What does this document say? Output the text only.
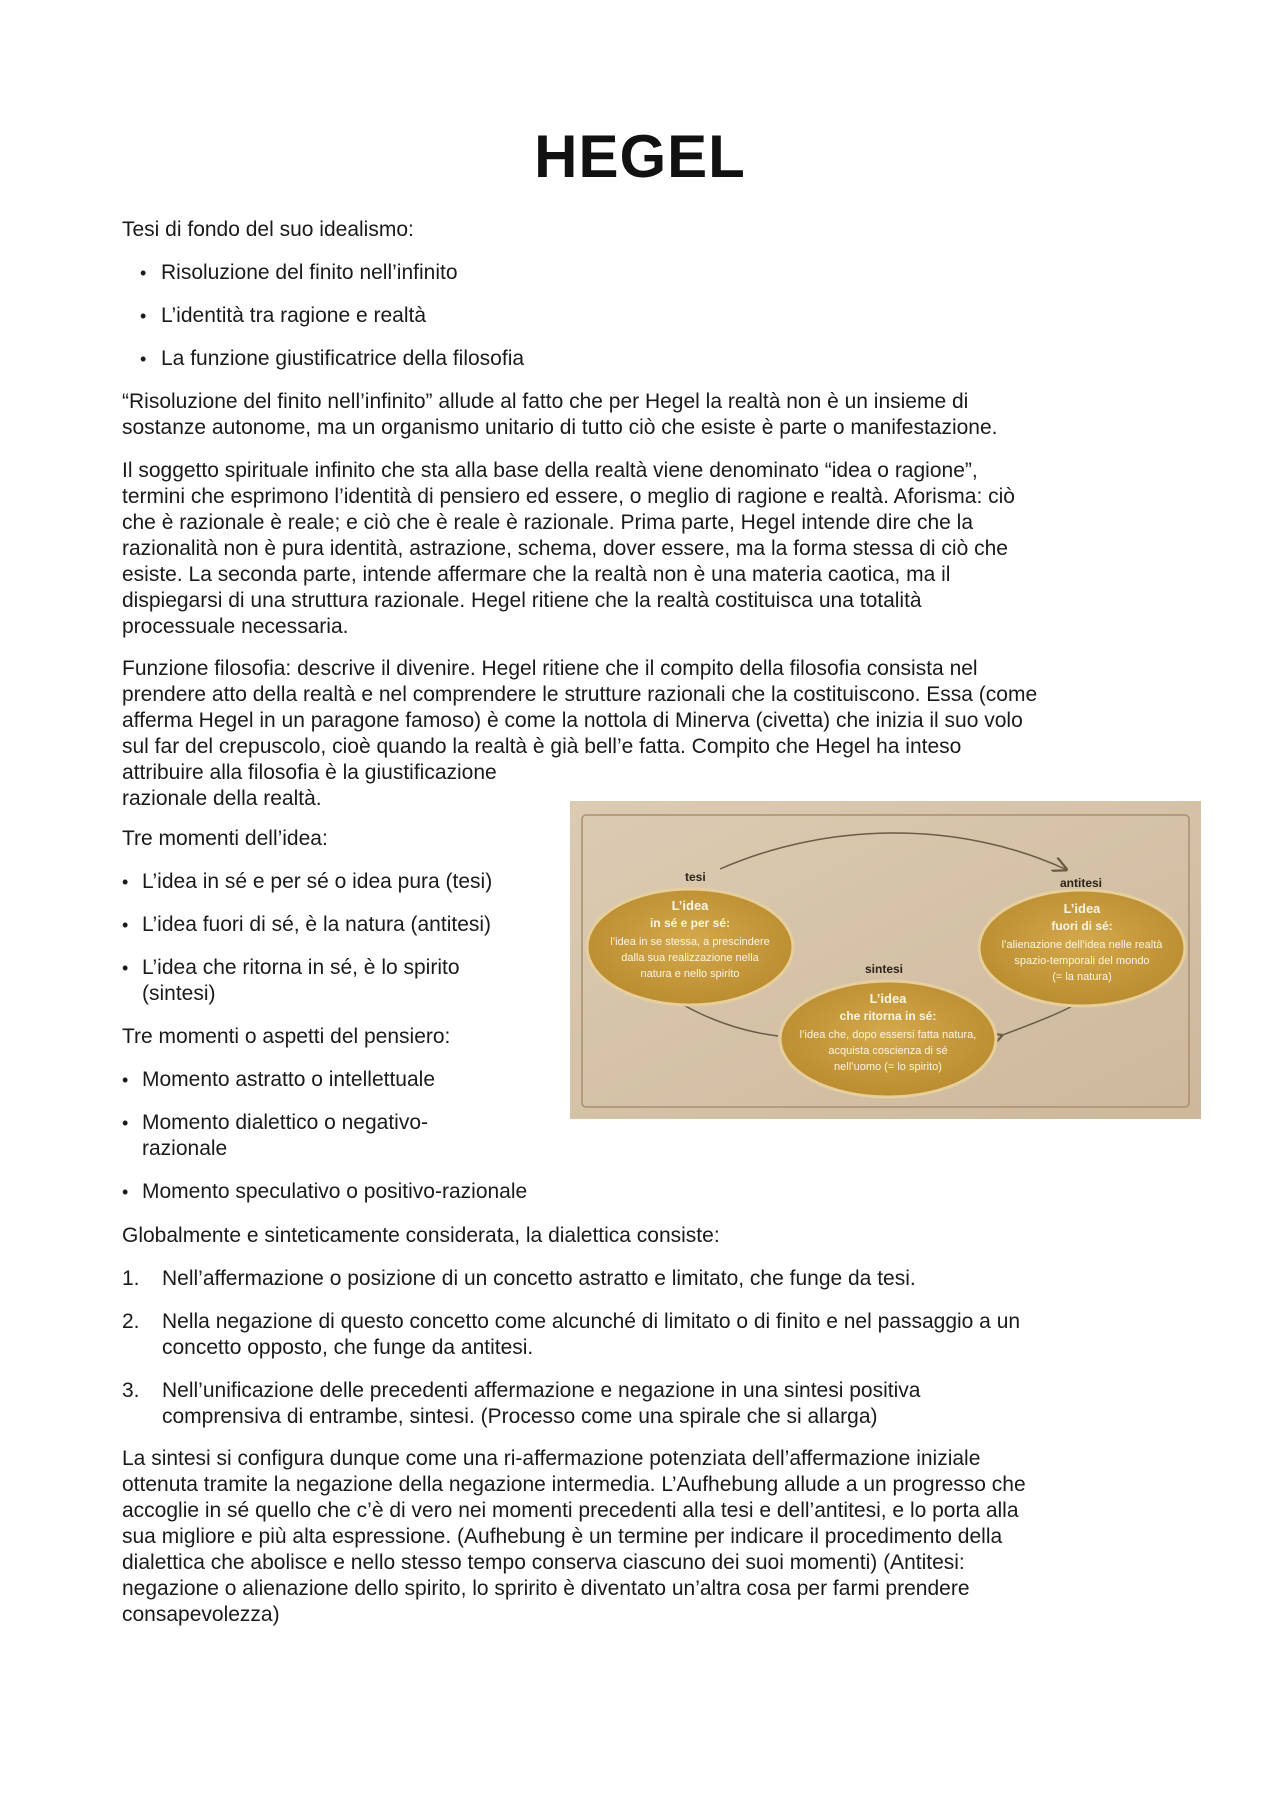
HEGEL

Tesi di fondo del suo idealismo:

• Risoluzione del finito nell’infinito
• L’identità tra ragione e realtà
• La funzione giustificatrice della filosofia

“Risoluzione del finito nell’infinito” allude al fatto che per Hegel la realtà non è un insieme di
sostanze autonome, ma un organismo unitario di tutto ciò che esiste è parte o manifestazione.

Il soggetto spirituale infinito che sta alla base della realtà viene denominato “idea o ragione”,
termini che esprimono l’identità di pensiero ed essere, o meglio di ragione e realtà. Aforisma: ciò
che è razionale è reale; e ciò che è reale è razionale. Prima parte, Hegel intende dire che la
razionalità non è pura identità, astrazione, schema, dover essere, ma la forma stessa di ciò che
esiste. La seconda parte, intende affermare che la realtà non è una materia caotica, ma il
dispiegarsi di una struttura razionale. Hegel ritiene che la realtà costituisca una totalità
processuale necessaria.

Funzione filosofia: descrive il divenire. Hegel ritiene che il compito della filosofia consista nel
prendere atto della realtà e nel comprendere le strutture razionali che la costituiscono. Essa (come
afferma Hegel in un paragone famoso) è come la nottola di Minerva (civetta) che inizia il suo volo
sul far del crepuscolo, cioè quando la realtà è già bell’e fatta. Compito che Hegel ha inteso
attribuire alla filosofia è la giustificazione
razionale della realtà.

Tre momenti dell’idea:

• L’idea in sé e per sé o idea pura (tesi)
• L’idea fuori di sé, è la natura (antitesi)
• L’idea che ritorna in sé, è lo spirito
(sintesi)

Tre momenti o aspetti del pensiero:

• Momento astratto o intellettuale
• Momento dialettico o negativo-
razionale
• Momento speculativo o positivo-razionale

Globalmente e sinteticamente considerata, la dialettica consiste:

1. Nell’affermazione o posizione di un concetto astratto e limitato, che funge da tesi.
2. Nella negazione di questo concetto come alcunché di limitato o di finito e nel passaggio a un
concetto opposto, che funge da antitesi.
3. Nell’unificazione delle precedenti affermazione e negazione in una sintesi positiva
comprensiva di entrambe, sintesi. (Processo come una spirale che si allarga)

La sintesi si configura dunque come una ri-affermazione potenziata dell’affermazione iniziale
ottenuta tramite la negazione della negazione intermedia. L’Aufhebung allude a un progresso che
accoglie in sé quello che c’è di vero nei momenti precedenti alla tesi e dell’antitesi, e lo porta alla
sua migliore e più alta espressione. (Aufhebung è un termine per indicare il procedimento della
dialettica che abolisce e nello stesso tempo conserva ciascuno dei suoi momenti) (Antitesi:
negazione o alienazione dello spirito, lo spririto è diventato un’altra cosa per farmi prendere
consapevolezza)

tesi
L’idea
in sé e per sé:
l’idea in se stessa, a prescindere
dalla sua realizzazione nella
natura e nello spirito
antitesi
L’idea
fuori di sé:
l’alienazione dell’idea nelle realtà
spazio-temporali del mondo
(= la natura)
sintesi
L’idea
che ritorna in sé:
l’idea che, dopo essersi fatta natura,
acquista coscienza di sé
nell’uomo (= lo spirito)
